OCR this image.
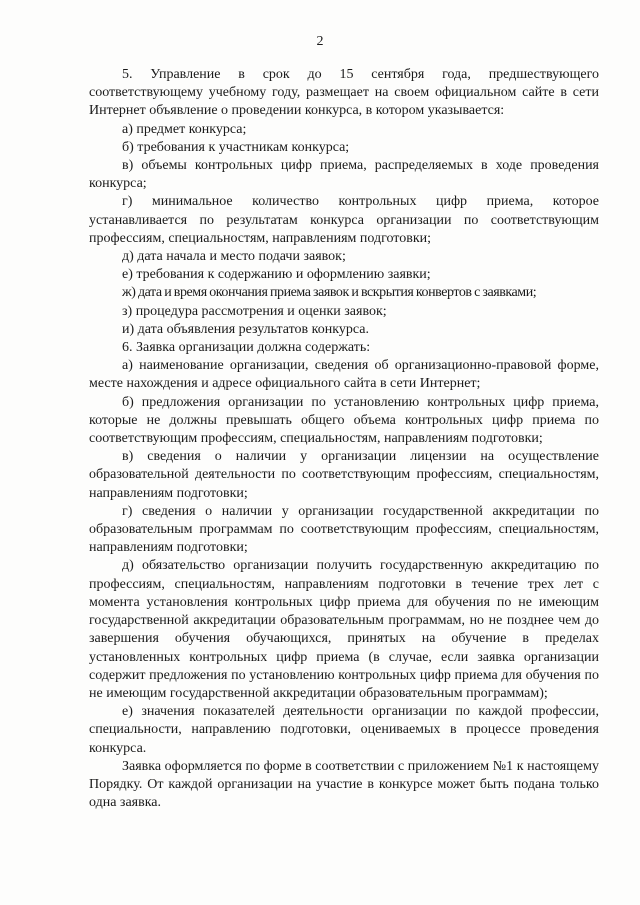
2

5. Управление в срок до 15 сентября года, предшествующего соответствующему учебному году, размещает на своем официальном сайте в сети Интернет объявление о проведении конкурса, в котором указывается:

а) предмет конкурса;

б) требования к участникам конкурса;

в) объемы контрольных цифр приема, распределяемых в ходе проведения конкурса;

г) минимальное количество контрольных цифр приема, которое устанавливается по результатам конкурса организации по соответствующим профессиям, специальностям, направлениям подготовки;

д) дата начала и место подачи заявок;

е) требования к содержанию и оформлению заявки;

ж) дата и время окончания приема заявок и вскрытия конвертов с заявками;

з) процедура рассмотрения и оценки заявок;

и) дата объявления результатов конкурса.

6. Заявка организации должна содержать:

а) наименование организации, сведения об организационно-правовой форме, месте нахождения и адресе официального сайта в сети Интернет;

б) предложения организации по установлению контрольных цифр приема, которые не должны превышать общего объема контрольных цифр приема по соответствующим профессиям, специальностям, направлениям подготовки;

в) сведения о наличии у организации лицензии на осуществление образовательной деятельности по соответствующим профессиям, специальностям, направлениям подготовки;

г) сведения о наличии у организации государственной аккредитации по образовательным программам по соответствующим профессиям, специальностям, направлениям подготовки;

д) обязательство организации получить государственную аккредитацию по профессиям, специальностям, направлениям подготовки в течение трех лет с момента установления контрольных цифр приема для обучения по не имеющим государственной аккредитации образовательным программам, но не позднее чем до завершения обучения обучающихся, принятых на обучение в пределах установленных контрольных цифр приема (в случае, если заявка организации содержит предложения по установлению контрольных цифр приема для обучения по не имеющим государственной аккредитации образовательным программам);

е) значения показателей деятельности организации по каждой профессии, специальности, направлению подготовки, оцениваемых в процессе проведения конкурса.

Заявка оформляется по форме в соответствии с приложением №1 к настоящему Порядку. От каждой организации на участие в конкурсе может быть подана только одна заявка.
